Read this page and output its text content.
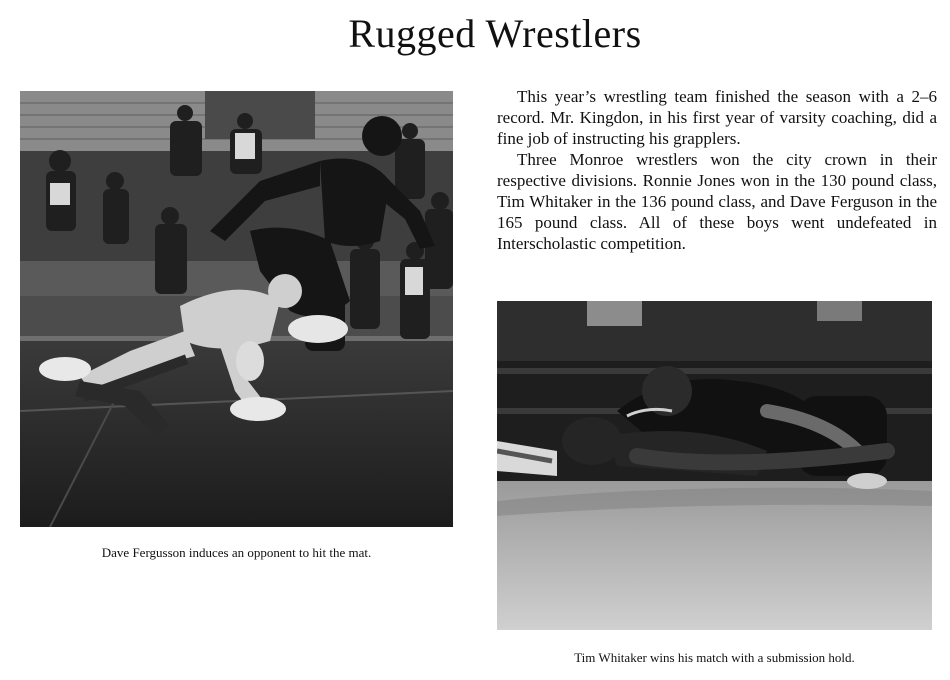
Rugged Wrestlers

Dave Fergusson induces an opponent to hit the mat.

This year’s wrestling team finished the season with a 2–6 record. Mr. Kingdon, in his first year of varsity coaching, did a fine job of instructing his grapplers.

Three Monroe wrestlers won the city crown in their respective divisions. Ronnie Jones won in the 130 pound class, Tim Whitaker in the 136 pound class, and Dave Ferguson in the 165 pound class. All of these boys went undefeated in Interscholastic competition.

Tim Whitaker wins his match with a submission hold.
